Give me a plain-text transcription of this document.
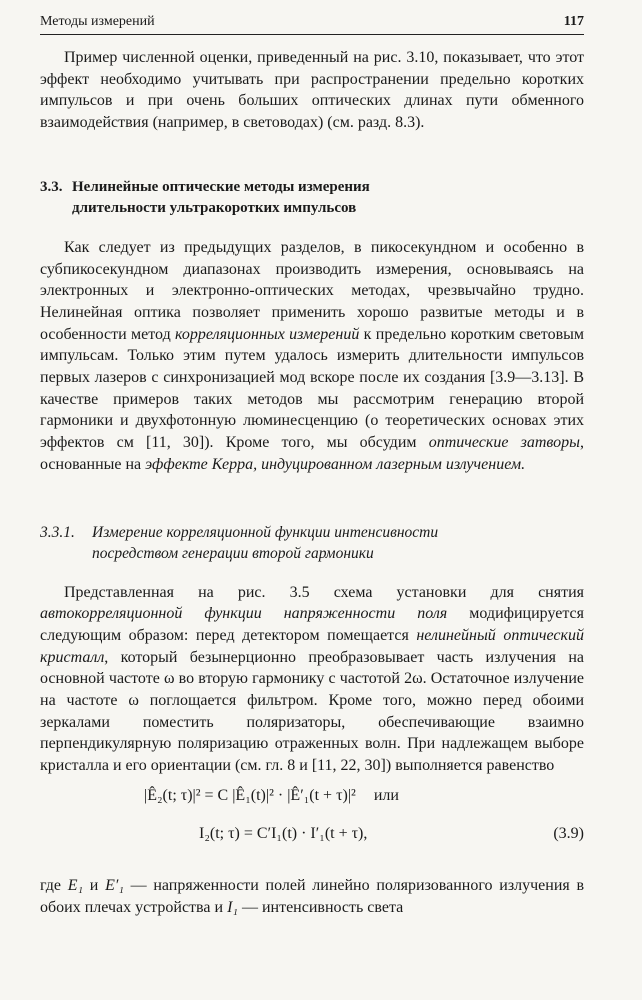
Методы измерений	117

Пример численной оценки, приведенный на рис. 3.10, показывает, что этот эффект необходимо учитывать при распространении предельно коротких импульсов и при очень больших оптических длинах пути обменного взаимодействия (например, в световодах) (см. разд. 8.3).

3.3. Нелинейные оптические методы измерения
длительности ультракоротких импульсов

Как следует из предыдущих разделов, в пикосекундном и особенно в субпикосекундном диапазонах производить измерения, основываясь на электронных и электронно-оптических методах, чрезвычайно трудно. Нелинейная оптика позволяет применить хорошо развитые методы и в особенности метод корреляционных измерений к предельно коротким световым импульсам. Только этим путем удалось измерить длительности импульсов первых лазеров с синхронизацией мод вскоре после их создания [3.9—3.13]. В качестве примеров таких методов мы рассмотрим генерацию второй гармоники и двухфотонную люминесценцию (о теоретических основах этих эффектов см [11, 30]). Кроме того, мы обсудим оптические затворы, основанные на эффекте Керра, индуцированном лазерным излучением.

3.3.1. Измерение корреляционной функции интенсивности
посредством генерации второй гармоники

Представленная на рис. 3.5 схема установки для снятия автокорреляционной функции напряженности поля модифицируется следующим образом: перед детектором помещается нелинейный оптический кристалл, который безынерционно преобразовывает часть излучения на основной частоте ω во вторую гармонику с частотой 2ω. Остаточное излучение на частоте ω поглощается фильтром. Кроме того, можно перед обоими зеркалами поместить поляризаторы, обеспечивающие взаимно перпендикулярную поляризацию отраженных волн. При надлежащем выборе кристалла и его ориентации (см. гл. 8 и [11, 22, 30]) выполняется равенство

|Ê₂(t; τ)|² = C |Ê₁(t)|² · |Ê′₁(t + τ)|² или
I₂(t; τ) = C′I₁(t) · I′₁(t + τ),	(3.9)

где E₁ и E′₁ — напряженности полей линейно поляризованного излучения в обоих плечах устройства и I₁ — интенсивность света
